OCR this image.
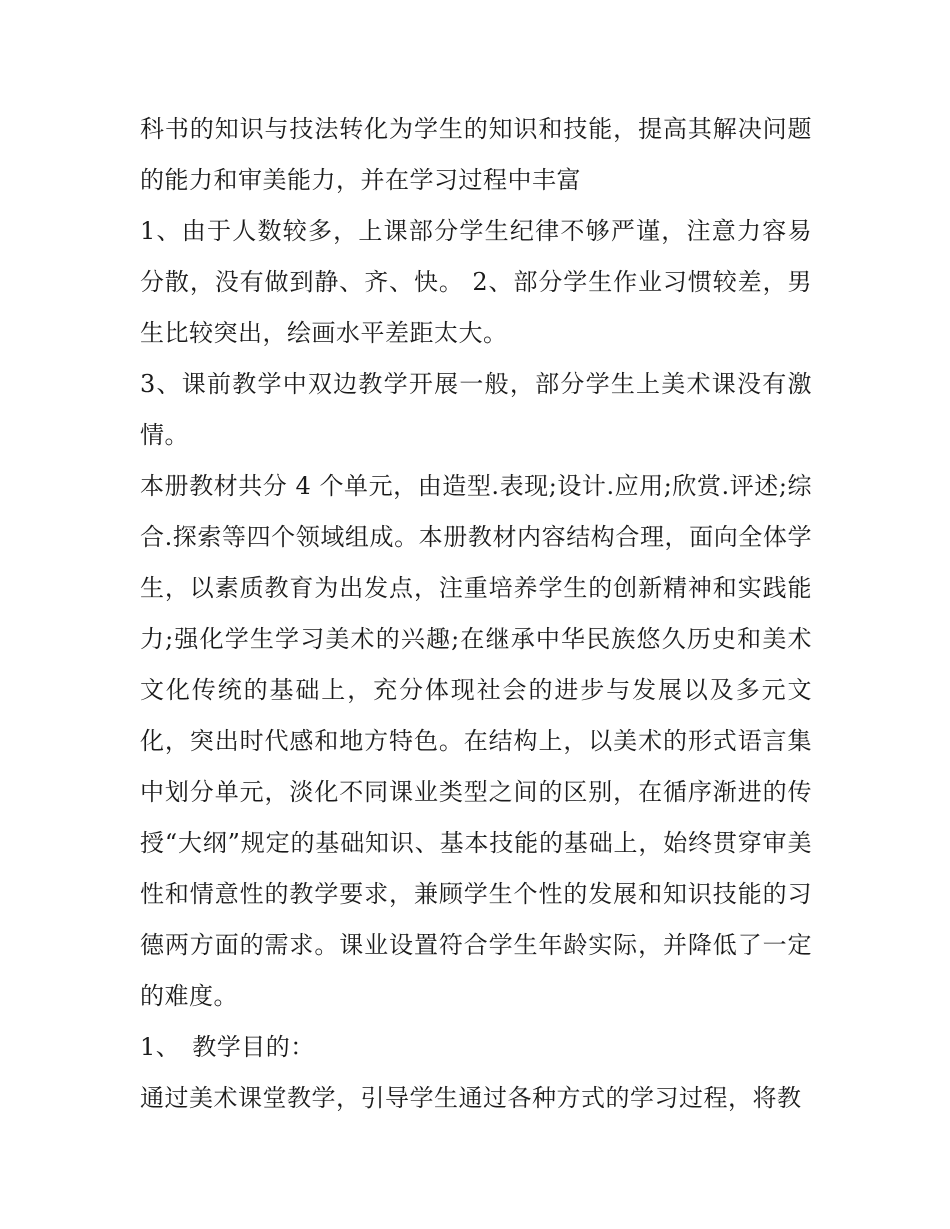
科书的知识与技法转化为学生的知识和技能，提高其解决问题的能力和审美能力，并在学习过程中丰富

1、由于人数较多，上课部分学生纪律不够严谨，注意力容易分散，没有做到静、齐、快。 2、部分学生作业习惯较差，男生比较突出，绘画水平差距太大。

3、课前教学中双边教学开展一般，部分学生上美术课没有激情。

本册教材共分 4 个单元，由造型.表现;设计.应用;欣赏.评述;综合.探索等四个领域组成。本册教材内容结构合理，面向全体学生，以素质教育为出发点，注重培养学生的创新精神和实践能力;强化学生学习美术的兴趣;在继承中华民族悠久历史和美术文化传统的基础上，充分体现社会的进步与发展以及多元文化，突出时代感和地方特色。在结构上，以美术的形式语言集中划分单元，淡化不同课业类型之间的区别，在循序渐进的传授“大纲”规定的基础知识、基本技能的基础上，始终贯穿审美性和情意性的教学要求，兼顾学生个性的发展和知识技能的习德两方面的需求。课业设置符合学生年龄实际，并降低了一定的难度。

1、 教学目的：

通过美术课堂教学，引导学生通过各种方式的学习过程，将教
